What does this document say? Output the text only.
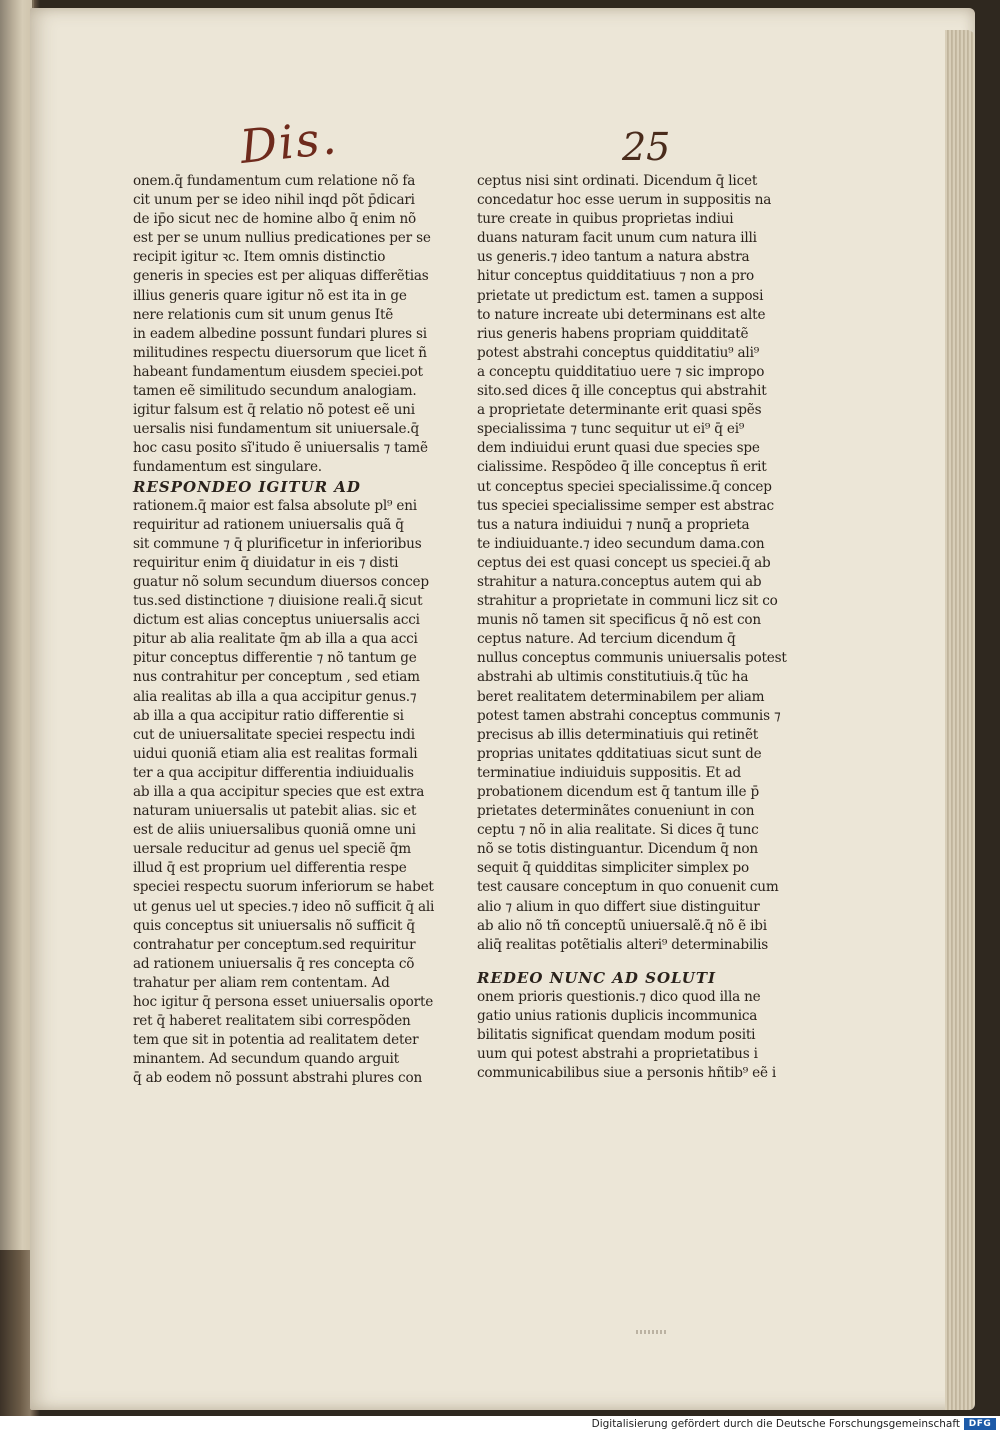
Dis.	25
onem.q̄ fundamentum cum relatione nõ fa
cit unum per se ideo nihil inqd põt p̄dicari
de ip̄o sicut nec de homine albo q̄ enim nõ
est per se unum nullius predicationes per se
recipit igitur ꝛc. Item omnis distinctio
generis in species est per aliquas differẽtias
illius generis quare igitur nõ est ita in ge
nere relationis cum sit unum genus Itẽ
in eadem albedine possunt fundari plures si
militudines respectu diuersorum que licet ñ
habeant fundamentum eiusdem speciei.pot
tamen eẽ similitudo secundum analogiam.
igitur falsum est q̄ relatio nõ potest eẽ uni
uersalis nisi fundamentum sit uniuersale.q̄
hoc casu posito sĩ'itudo ẽ uniuersalis ⁊ tamẽ
fundamentum est singulare.
RESPONDEO IGITUR AD
rationem.q̄ maior est falsa absolute pl⁹ eni
requiritur ad rationem uniuersalis quã q̄
sit commune ⁊ q̄ plurificetur in inferioribus
requiritur enim q̄ diuidatur in eis ⁊ disti
guatur nõ solum secundum diuersos concep
tus.sed distinctione ⁊ diuisione reali.q̄ sicut
dictum est alias conceptus uniuersalis acci
pitur ab alia realitate q̄m ab illa a qua acci
pitur conceptus differentie ⁊ nõ tantum ge
nus contrahitur per conceptum , sed etiam
alia realitas ab illa a qua accipitur genus.⁊
ab illa a qua accipitur ratio differentie si
cut de uniuersalitate speciei respectu indi
uidui quoniã etiam alia est realitas formali
ter a qua accipitur differentia indiuidualis
ab illa a qua accipitur species que est extra
naturam uniuersalis ut patebit alias. sic et
est de aliis uniuersalibus quoniã omne uni
uersale reducitur ad genus uel speciẽ q̄m
illud q̄ est proprium uel differentia respe
speciei respectu suorum inferiorum se habet
ut genus uel ut species.⁊ ideo nõ sufficit q̄ ali
quis conceptus sit uniuersalis nõ sufficit q̄
contrahatur per conceptum.sed requiritur
ad rationem uniuersalis q̄ res concepta cõ
trahatur per aliam rem contentam. Ad
hoc igitur q̄ persona esset uniuersalis oporte
ret q̄ haberet realitatem sibi correspõden
tem que sit in potentia ad realitatem deter
minantem. Ad secundum quando arguit
q̄ ab eodem nõ possunt abstrahi plures con
ceptus nisi sint ordinati. Dicendum q̄ licet
concedatur hoc esse uerum in suppositis na
ture create in quibus proprietas indiui
duans naturam facit unum cum natura illi
us generis.⁊ ideo tantum a natura abstra
hitur conceptus quidditatiuus ⁊ non a pro
prietate ut predictum est. tamen a supposi
to nature increate ubi determinans est alte
rius generis habens propriam quidditatẽ
potest abstrahi conceptus quidditatiu⁹ ali⁹
a conceptu quidditatiuo uere ⁊ sic impropo
sito.sed dices q̄ ille conceptus qui abstrahit
a proprietate determinante erit quasi spẽs
specialissima ⁊ tunc sequitur ut ei⁹ q̄ ei⁹
dem indiuidui erunt quasi due species spe
cialissime. Respõdeo q̄ ille conceptus ñ erit
ut conceptus speciei specialissime.q̄ concep
tus speciei specialissime semper est abstrac
tus a natura indiuidui ⁊ nunq̄ a proprieta
te indiuiduante.⁊ ideo secundum dama.con
ceptus dei est quasi concept us speciei.q̄ ab
strahitur a natura.conceptus autem qui ab
strahitur a proprietate in communi licz sit co
munis nõ tamen sit specificus q̄ nõ est con
ceptus nature. Ad tercium dicendum q̄
nullus conceptus communis uniuersalis potest
abstrahi ab ultimis constitutiuis.q̄ tũc ha
beret realitatem determinabilem per aliam
potest tamen abstrahi conceptus communis ⁊
precisus ab illis determinatiuis qui retinẽt
proprias unitates qdditatiuas sicut sunt de
terminatiue indiuiduis suppositis. Et ad
probationem dicendum est q̄ tantum ille p̄
prietates determinãtes conueniunt in con
ceptu ⁊ nõ in alia realitate. Si dices q̄ tunc
nõ se totis distinguantur. Dicendum q̄ non
sequit q̄ quidditas simpliciter simplex po
test causare conceptum in quo conuenit cum
alio ⁊ alium in quo differt siue distinguitur
ab alio nõ tñ conceptũ uniuersalẽ.q̄ nõ ẽ ibi
aliq̄ realitas potẽtialis alteri⁹ determinabilis
REDEO NUNC AD SOLUTI
onem prioris questionis.⁊ dico quod illa ne
gatio unius rationis duplicis incommunica
bilitatis significat quendam modum positi
uum qui potest abstrahi a proprietatibus i
communicabilibus siue a personis hñtib⁹ eẽ i
Digitalisierung gefördert durch die Deutsche Forschungsgemeinschaft DFG
